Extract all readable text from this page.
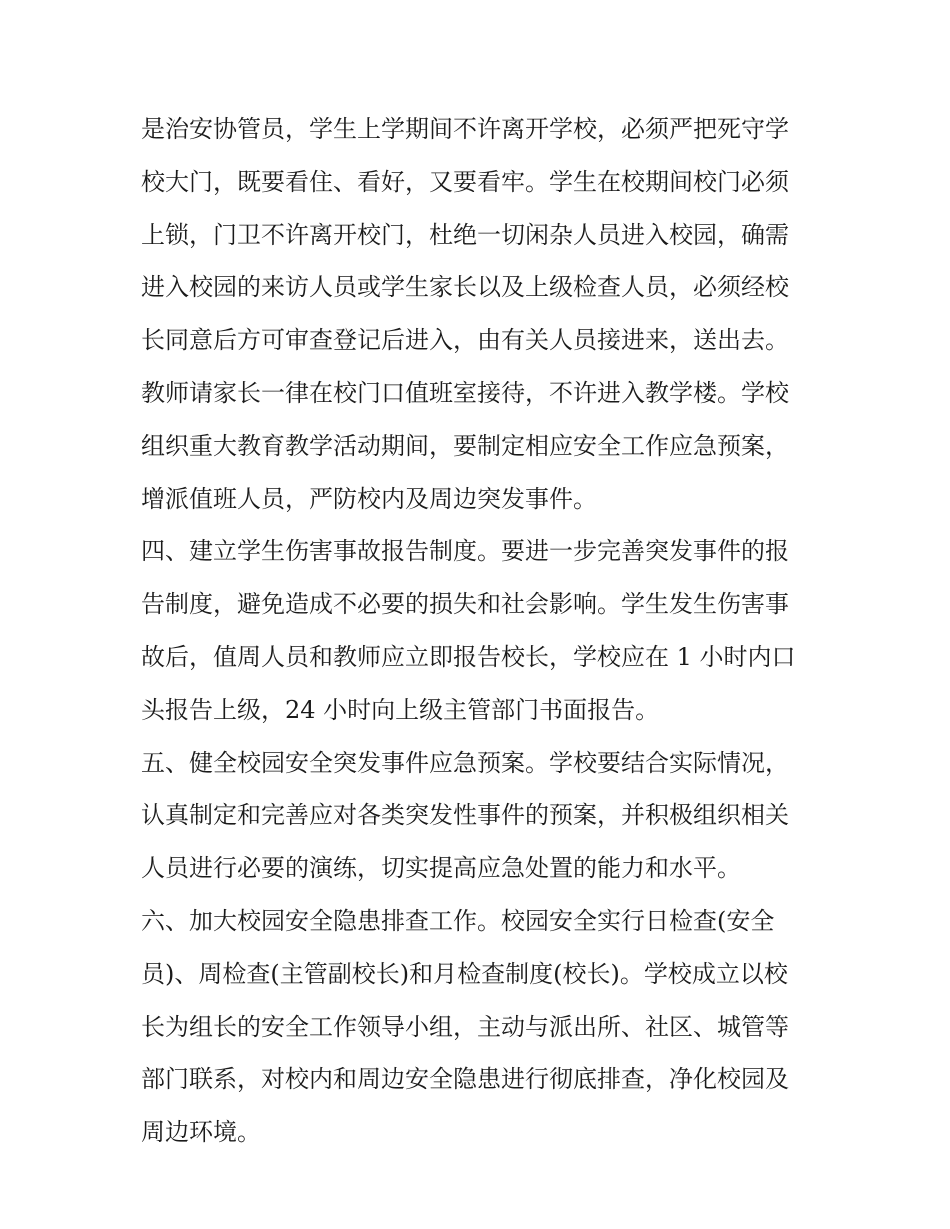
是治安协管员，学生上学期间不许离开学校，必须严把死守学
校大门，既要看住、看好，又要看牢。学生在校期间校门必须
上锁，门卫不许离开校门，杜绝一切闲杂人员进入校园，确需
进入校园的来访人员或学生家长以及上级检查人员，必须经校
长同意后方可审查登记后进入，由有关人员接进来，送出去。
教师请家长一律在校门口值班室接待，不许进入教学楼。学校
组织重大教育教学活动期间，要制定相应安全工作应急预案，
增派值班人员，严防校内及周边突发事件。
四、建立学生伤害事故报告制度。要进一步完善突发事件的报
告制度，避免造成不必要的损失和社会影响。学生发生伤害事
故后，值周人员和教师应立即报告校长，学校应在 1 小时内口
头报告上级，24 小时向上级主管部门书面报告。
五、健全校园安全突发事件应急预案。学校要结合实际情况，
认真制定和完善应对各类突发性事件的预案，并积极组织相关
人员进行必要的演练，切实提高应急处置的能力和水平。
六、加大校园安全隐患排查工作。校园安全实行日检查(安全
员)、周检查(主管副校长)和月检查制度(校长)。学校成立以校
长为组长的安全工作领导小组，主动与派出所、社区、城管等
部门联系，对校内和周边安全隐患进行彻底排查，净化校园及
周边环境。
